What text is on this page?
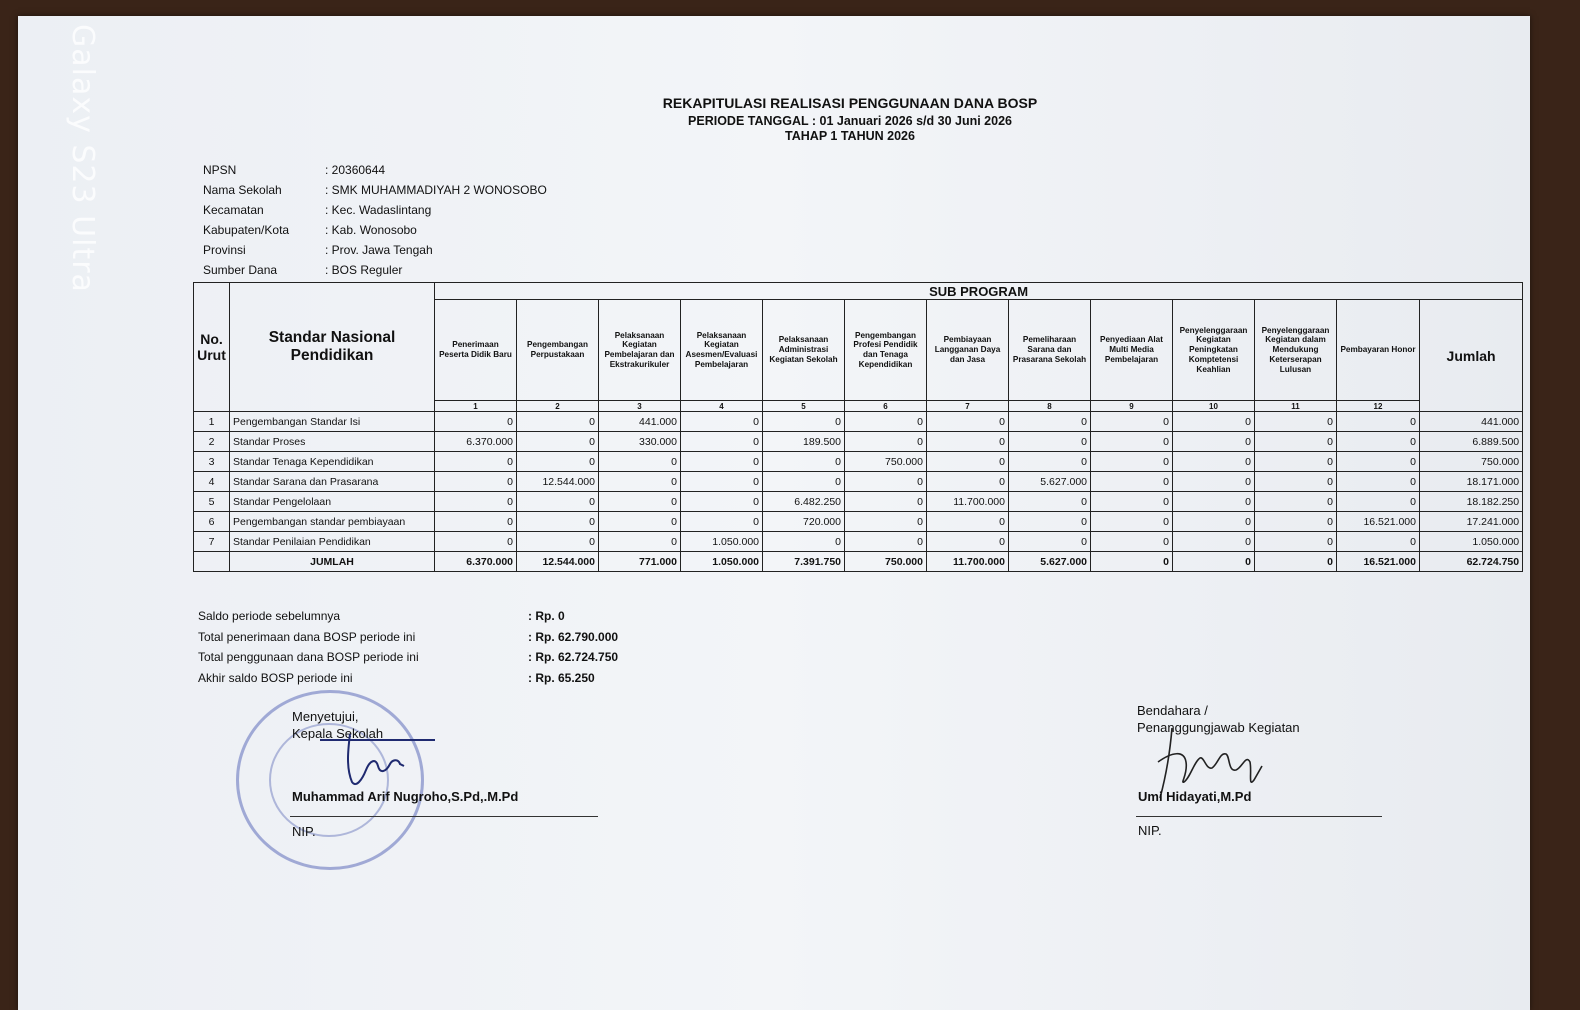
Galaxy S23 Ultra	REKAPITULASI REALISASI PENGGUNAAN DANA BOSP
PERIODE TANGGAL : 01 Januari 2026 s/d 30 Juni 2026
TAHAP 1 TAHUN 2026
NPSN	: 20360644
Nama Sekolah	: SMK MUHAMMADIYAH 2 WONOSOBO
Kecamatan	: Kec. Wadaslintang
Kabupaten/Kota	: Kab. Wonosobo
Provinsi	: Prov. Jawa Tengah
Sumber Dana	: BOS Reguler
No. Urut	Standar Nasional Pendidikan	SUB PROGRAM												
		Penerimaan Peserta Didik Baru	Pengembangan Perpustakaan	Pelaksanaan Kegiatan Pembelajaran dan Ekstrakurikuler	Pelaksanaan Kegiatan Asesmen/Evaluasi Pembelajaran	Pelaksanaan Administrasi Kegiatan Sekolah	Pengembangan Profesi Pendidik dan Tenaga Kependidikan	Pembiayaan Langganan Daya dan Jasa	Pemeliharaan Sarana dan Prasarana Sekolah	Penyediaan Alat Multi Media Pembelajaran	Penyelenggaraan Kegiatan Peningkatan Komptetensi Keahlian	Penyelenggaraan Kegiatan dalam Mendukung Keterserapan Lulusan	Pembayaran Honor	Jumlah
		1	2	3	4	5	6	7	8	9	10	11	12	
1	Pengembangan Standar Isi	0	0	441.000	0	0	0	0	0	0	0	0	0	441.000
2	Standar Proses	6.370.000	0	330.000	0	189.500	0	0	0	0	0	0	0	6.889.500
3	Standar Tenaga Kependidikan	0	0	0	0	0	750.000	0	0	0	0	0	0	750.000
4	Standar Sarana dan Prasarana	0	12.544.000	0	0	0	0	0	5.627.000	0	0	0	0	18.171.000
5	Standar Pengelolaan	0	0	0	0	6.482.250	0	11.700.000	0	0	0	0	0	18.182.250
6	Pengembangan standar pembiayaan	0	0	0	0	720.000	0	0	0	0	0	0	16.521.000	17.241.000
7	Standar Penilaian Pendidikan	0	0	0	1.050.000	0	0	0	0	0	0	0	0	1.050.000
	JUMLAH	6.370.000	12.544.000	771.000	1.050.000	7.391.750	750.000	11.700.000	5.627.000	0	0	0	16.521.000	62.724.750
Saldo periode sebelumnya	: Rp. 0
Total penerimaan dana BOSP periode ini	: Rp. 62.790.000
Total penggunaan dana BOSP periode ini	: Rp. 62.724.750
Akhir saldo BOSP periode ini	: Rp. 65.250
Menyetujui,
Kepala Sekolah
Muhammad Arif Nugroho,S.Pd,.M.Pd
NIP.
Bendahara /
Penanggungjawab Kegiatan
Umi Hidayati,M.Pd
NIP.
